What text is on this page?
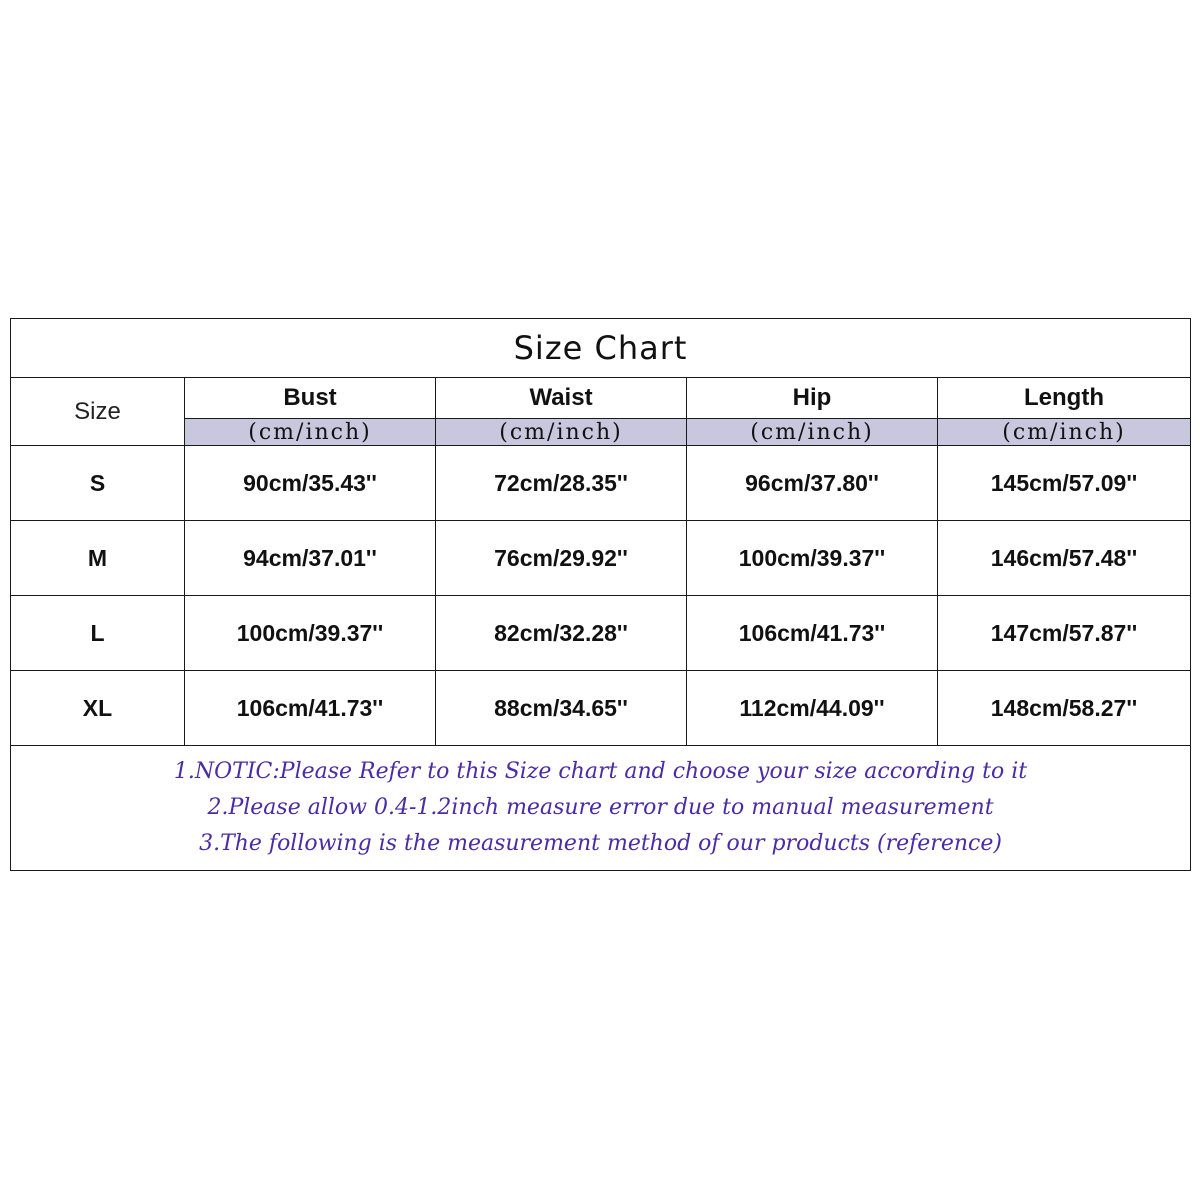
Size Chart				
Size	Bust	Waist	Hip	Length
	(cm/inch)	(cm/inch)	(cm/inch)	(cm/inch)
S	90cm/35.43''	72cm/28.35''	96cm/37.80''	145cm/57.09''
M	94cm/37.01''	76cm/29.92''	100cm/39.37''	146cm/57.48''
L	100cm/39.37''	82cm/32.28''	106cm/41.73''	147cm/57.87''
XL	106cm/41.73''	88cm/34.65''	112cm/44.09''	148cm/58.27''

1.NOTIC:Please Refer to this Size chart and choose your size according to it
2.Please allow 0.4-1.2inch measure error due to manual measurement
3.The following is the measurement method of our products (reference)				
